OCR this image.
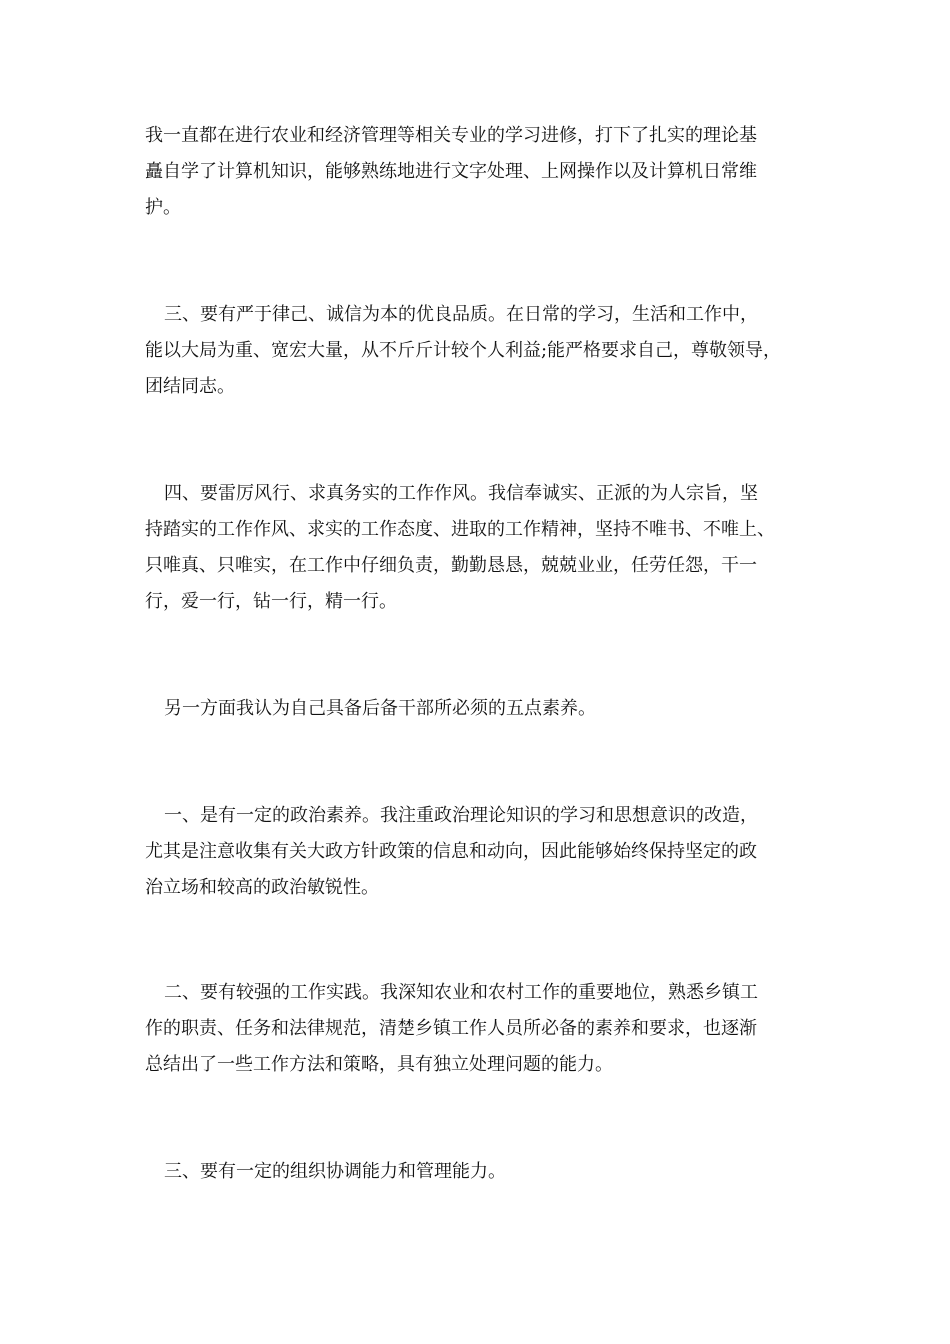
我一直都在进行农业和经济管理等相关专业的学习进修，打下了扎实的理论基
矗自学了计算机知识，能够熟练地进行文字处理、上网操作以及计算机日常维
护。

三、要有严于律己、诚信为本的优良品质。在日常的学习，生活和工作中，
能以大局为重、宽宏大量，从不斤斤计较个人利益;能严格要求自己，尊敬领导，
团结同志。

四、要雷厉风行、求真务实的工作作风。我信奉诚实、正派的为人宗旨，坚
持踏实的工作作风、求实的工作态度、进取的工作精神，坚持不唯书、不唯上、
只唯真、只唯实，在工作中仔细负责，勤勤恳恳，兢兢业业，任劳任怨，干一
行，爱一行，钻一行，精一行。

另一方面我认为自己具备后备干部所必须的五点素养。

一、是有一定的政治素养。我注重政治理论知识的学习和思想意识的改造，
尤其是注意收集有关大政方针政策的信息和动向，因此能够始终保持坚定的政
治立场和较高的政治敏锐性。

二、要有较强的工作实践。我深知农业和农村工作的重要地位，熟悉乡镇工
作的职责、任务和法律规范，清楚乡镇工作人员所必备的素养和要求，也逐渐
总结出了一些工作方法和策略，具有独立处理问题的能力。

三、要有一定的组织协调能力和管理能力。
